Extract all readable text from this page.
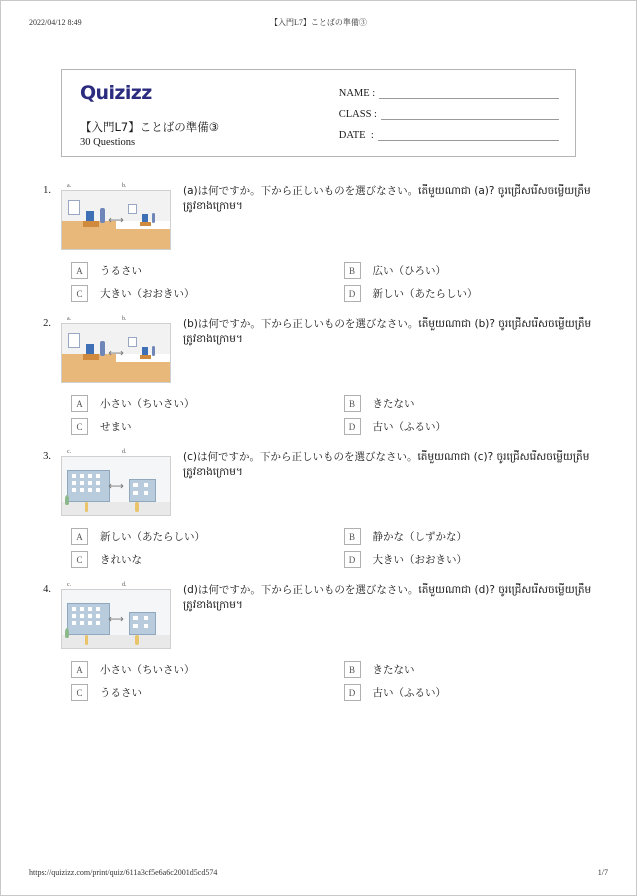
2022/04/12 8:49	【入門L7】ことばの準備③
Quizizz
【入門L7】ことばの準備③
30 Questions
NAME :
CLASS :
DATE  :
1.	a.	b.
⟷
(a)は何ですか。下から正しいものを選びなさい。តើមួយណាជា (a)? ចូរជ្រើសរើសចម្លើយត្រឹមត្រូវខាងក្រោម។
A	うるさい	B	広い（ひろい）
C	大きい（おおきい）	D	新しい（あたらしい）
2.	a.	b.
⟷
(b)は何ですか。下から正しいものを選びなさい。តើមួយណាជា (b)? ចូរជ្រើសរើសចម្លើយត្រឹមត្រូវខាងក្រោម។
A	小さい（ちいさい）	B	きたない
C	せまい	D	古い（ふるい）
3.	c.	d.
⟷
(c)は何ですか。下から正しいものを選びなさい。តើមួយណាជា (c)? ចូរជ្រើសរើសចម្លើយត្រឹមត្រូវខាងក្រោម។
A	新しい（あたらしい）	B	静かな（しずかな）
C	きれいな	D	大きい（おおきい）
4.	c.	d.
⟷
(d)は何ですか。下から正しいものを選びなさい。តើមួយណាជា (d)? ចូរជ្រើសរើសចម្លើយត្រឹមត្រូវខាងក្រោម។
A	小さい（ちいさい）	B	きたない
C	うるさい	D	古い（ふるい）
https://quizizz.com/print/quiz/611a3cf5e6a6c2001d5cd574	1/7
